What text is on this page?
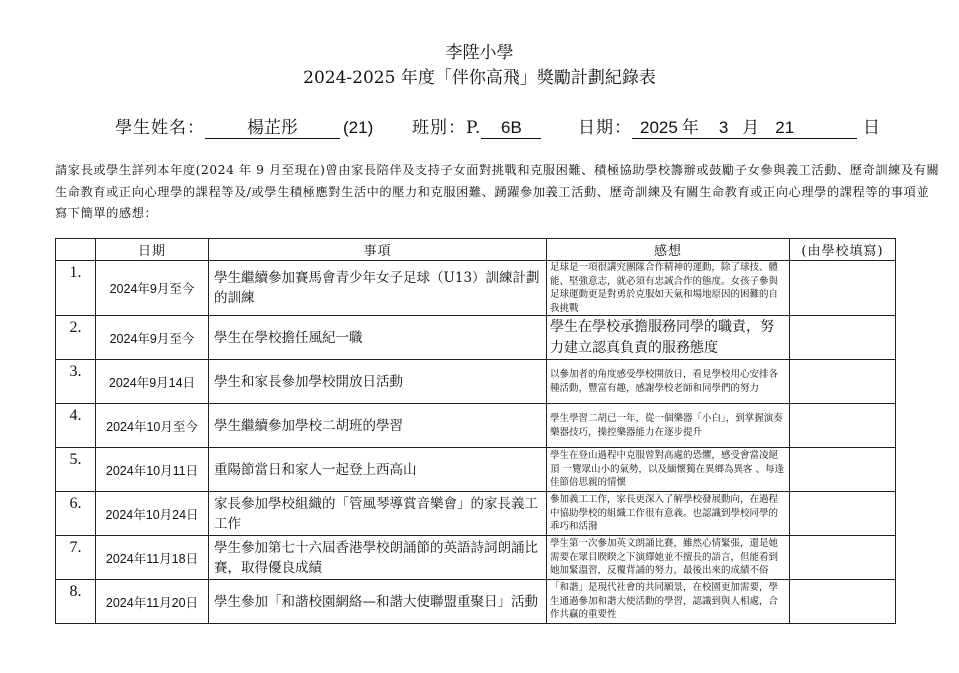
李陞小學
2024-2025 年度「伴你高飛」獎勵計劃紀錄表
學生姓名： 楊芷彤	(21) 班別：P. 6B	日期： 2025 年 3 月 21	日
請家長或學生詳列本年度(2024 年 9 月至現在)曾由家長陪伴及支持子女面對挑戰和克服困難、積極協助學校籌辦或鼓勵子女參與義工活動、歷奇訓練及有關生命教育或正向心理學的課程等及/或學生積極應對生活中的壓力和克服困難、踴躍參加義工活動、歷奇訓練及有關生命教育或正向心理學的課程等的事項並寫下簡單的感想：
	日期	事項	感想	(由學校填寫)
1.	2024年9月至今	學生繼續參加賽馬會青少年女子足球（U13）訓練計劃的訓練	足球是一項很講究團隊合作精神的運動，除了球技、體能、堅強意志，就必須有忠誠合作的態度。女孩子參與足球運動更是對勇於克服如天氣和場地原因的困難的自我挑戰	
2.	2024年9月至今	學生在學校擔任風紀一職	學生在學校承擔服務同學的職責，努力建立認真負責的服務態度	
3.	2024年9月14日	學生和家長參加學校開放日活動	以參加者的角度感受學校開放日，看見學校用心安排各種活動，豐富有趣，感謝學校老師和同學們的努力	
4.	2024年10月至今	學生繼續參加學校二胡班的學習	學生學習二胡已一年，從一個樂器「小白」，到掌握演奏樂器技巧，操控樂器能力在逐步提升	
5.	2024年10月11日	重陽節當日和家人一起登上西高山	學生在登山過程中克服曾對高處的恐懼，感受會當凌絕頂 一覽眾山小的氣勢，以及緬懷獨在異鄉為異客 、每逢佳節倍思親的情懷	
6.	2024年10月24日	家長參加學校組織的「管風琴導賞音樂會」的家長義工工作	參加義工工作，家長更深入了解學校發展動向，在過程中協助學校的組織工作很有意義。也認識到學校同學的乖巧和活潑	
7.	2024年11月18日	學生參加第七十六屆香港學校朗誦節的英語詩詞朗誦比賽，取得優良成績	學生第一次參加英文朗誦比賽，雖然心情緊張，還是她需要在眾目睽睽之下演繹她並不擅長的語言，但能看到她加緊溫習，反覆背誦的努力，最後出來的成績不俗	
8.	2024年11月20日	學生參加「和諧校園網絡—和諧大使聯盟重聚日」活動	「和諧」是現代社會的共同願景，在校園更加需要，學生通過參加和諧大使活動的學習，認識到與人相處，合作共贏的重要性	
